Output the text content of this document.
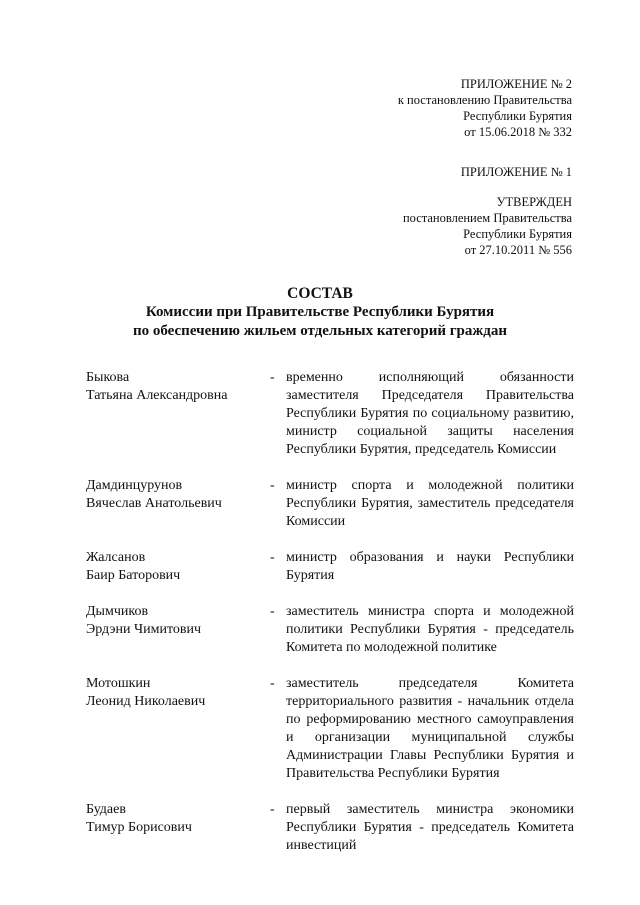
ПРИЛОЖЕНИЕ № 2
к постановлению Правительства
Республики Бурятия
от 15.06.2018 № 332
ПРИЛОЖЕНИЕ № 1
УТВЕРЖДЕН
постановлением Правительства
Республики Бурятия
от 27.10.2011 № 556
СОСТАВ
Комиссии при Правительстве Республики Бурятия
по обеспечению жильем отдельных категорий граждан
Быкова
Татьяна Александровна
- временно исполняющий обязанности заместителя Председателя Правительства Республики Бурятия по социальному развитию, министр социальной защиты населения Республики Бурятия, председатель Комиссии
Дамдинцурунов
Вячеслав Анатольевич
- министр спорта и молодежной политики Республики Бурятия, заместитель председателя Комиссии
Жалсанов
Баир Баторович
- министр образования и науки Республики Бурятия
Дымчиков
Эрдэни Чимитович
- заместитель министра спорта и молодежной политики Республики Бурятия - председатель Комитета по молодежной политике
Мотошкин
Леонид Николаевич
- заместитель председателя Комитета территориального развития - начальник отдела по реформированию местного самоуправления и организации муниципальной службы Администрации Главы Республики Бурятия и Правительства Республики Бурятия
Будаев
Тимур Борисович
- первый заместитель министра экономики Республики Бурятия - председатель Комитета инвестиций
